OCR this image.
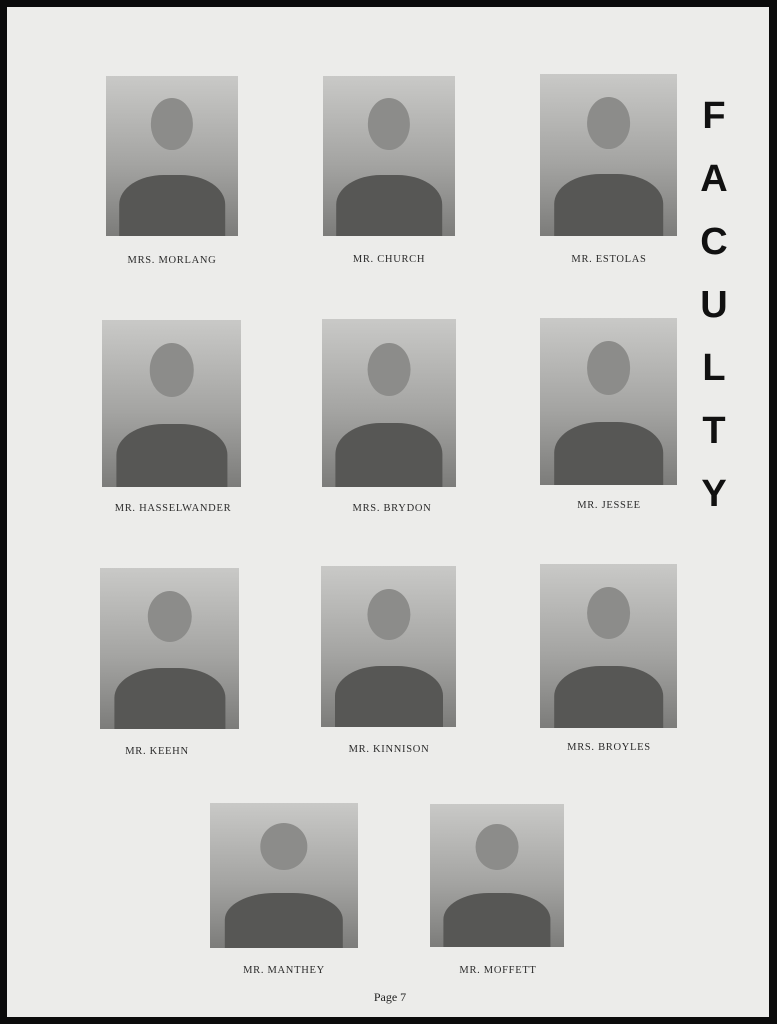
MRS. MORLANG	MR. CHURCH	MR. ESTOLAS
MR. HASSELWANDER	MRS. BRYDON	MR. JESSEE
MR. KEEHN	MR. KINNISON	MRS. BROYLES
MR. MANTHEY	MR. MOFFETT
F
A
C
U
L
T
Y
Page 7
